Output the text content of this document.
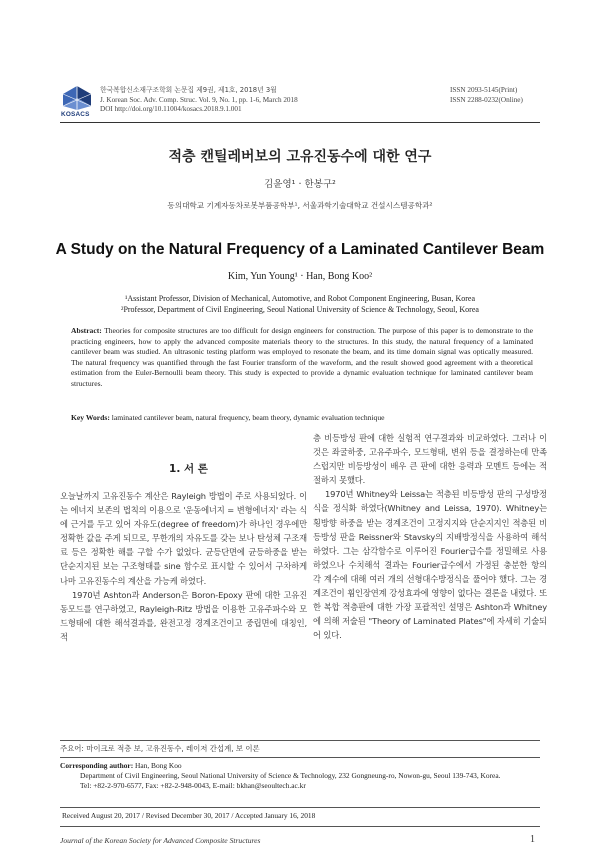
KOSACS
한국복합신소재구조학회 논문집 제9권, 제1호, 2018년 3월
J. Korean Soc. Adv. Comp. Struc. Vol. 9, No. 1, pp. 1-6, March 2018
DOI http://doi.org/10.11004/kosacs.2018.9.1.001
ISSN 2093-5145(Print)
ISSN 2288-0232(Online)
적층 캔틸레버보의 고유진동수에 대한 연구
김윤영¹ · 한봉구²
동의대학교 기계자동차로봇부품공학부¹, 서울과학기술대학교 건설시스템공학과²
A Study on the Natural Frequency of a Laminated Cantilever Beam
Kim, Yun Young¹ · Han, Bong Koo²
¹Assistant Professor, Division of Mechanical, Automotive, and Robot Component Engineering, Busan, Korea
²Professor, Department of Civil Engineering, Seoul National University of Science & Technology, Seoul, Korea
Abstract: Theories for composite structures are too difficult for design engineers for construction. The purpose of this paper is to demonstrate to the practicing engineers, how to apply the advanced composite materials theory to the structures. In this study, the natural frequency of a laminated cantilever beam was studied. An ultrasonic testing platform was employed to resonate the beam, and its time domain signal was optically measured. The natural frequency was quantified through the fast Fourier transform of the waveform, and the result showed good agreement with a theoretical estimation from the Euler-Bernoulli beam theory. This study is expected to provide a dynamic evaluation technique for laminated cantilever beam structures.
Key Words: laminated cantilever beam, natural frequency, beam theory, dynamic evaluation technique
1. 서 론

오늘날까지 고유진동수 계산은 Rayleigh 방법이 주로 사용되었다. 이는 에너지 보존의 법칙의 이용으로 '운동에너지 = 변형에너지' 라는 식에 근거를 두고 있어 자유도(degree of freedom)가 하나인 경우에만 정확한 값을 주게 되므로, 무한개의 자유도를 갖는 보나 탄성체 구조재료 등은 정확한 해를 구할 수가 없었다. 균등단면에 균등하중을 받는 단순지지된 보는 구조형태를 sine 함수로 표시할 수 있어서 구차하게나마 고유진동수의 계산을 가능케 하였다.

1970년 Ashton과 Anderson은 Boron-Epoxy 판에 대한 고유진동모드를 연구하였고, Rayleigh-Ritz 방법을 이용한 고유주파수와 모드형태에 대한 해석결과를, 완전고정 경계조건이고 중립면에 대칭인, 적

층 비등방성 판에 대한 실험적 연구결과와 비교하였다. 그러나 이것은 좌굴하중, 고유주파수, 모드형태, 변위 등을 결정하는데 만족스럽지만 비등방성이 배우 큰 판에 대한 응력과 모멘트 등에는 적절하지 못했다.

1970년 Whitney와 Leissa는 적층된 비등방성 판의 구성방정식을 정식화 하였다(Whitney and Leissa, 1970). Whitney는 횡방향 하중을 받는 경계조건이 고정지지와 단순지지인 적층된 비등방성 판을 Reissner와 Stavsky의 지배방정식을 사용하여 해석하였다. 그는 삼각함수로 이루어진 Fourier급수를 정밀해로 사용하였으나 수치해석 결과는 Fourier급수에서 가정된 충분한 항의 각 계수에 대해 여러 개의 선형대수방정식을 풀어야 했다. 그는 경계조건이 휨인장연계 강성효과에 영향이 없다는 결론을 내렸다. 또한 복합 적층판에 대한 가장 포괄적인 설명은 Ashton과 Whitney 에 의해 저술된 "Theory of Laminated Plates"에 자세히 기술되어 있다.

주요어: 마이크로 적층 보, 고유진동수, 레이저 간섭계, 보 이론
Corresponding author: Han, Bong Koo
Department of Civil Engineering, Seoul National University of Science & Technology, 232 Gongneung-ro, Nowon-gu, Seoul 139-743, Korea.
Tel: +82-2-970-6577, Fax: +82-2-948-0043, E-mail: bkhan@seoultech.ac.kr
Received August 20, 2017 / Revised December 30, 2017 / Accepted January 16, 2018
Journal of the Korean Society for Advanced Composite Structures	1
